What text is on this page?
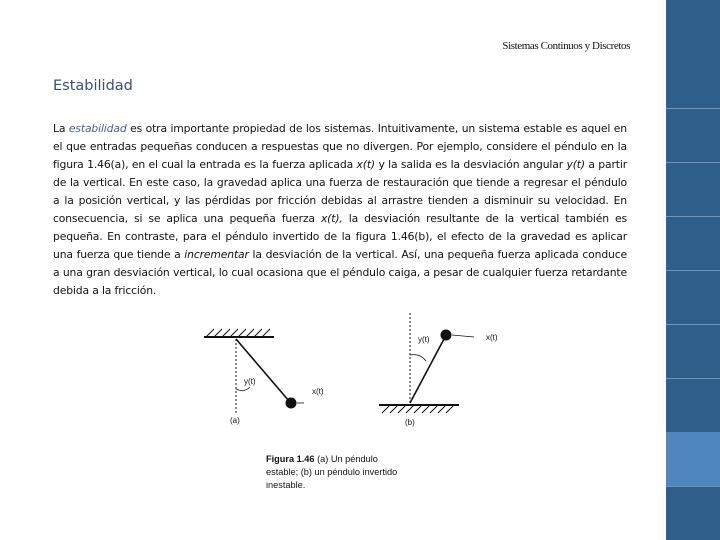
Sistemas Continuos y Discretos
Estabilidad
La estabilidad es otra importante propiedad de los sistemas. Intuitivamente, un sistema estable es aquel en el que entradas pequeñas conducen a respuestas que no divergen. Por ejemplo, considere el péndulo en la figura 1.46(a), en el cual la entrada es la fuerza aplicada x(t) y la salida es la desviación angular y(t) a partir de la vertical. En este caso, la gravedad aplica una fuerza de restauración que tiende a regresar el péndulo a la posición vertical, y las pérdidas por fricción debidas al arrastre tienden a disminuir su velocidad. En consecuencia, si se aplica una pequeña fuerza x(t), la desviación resultante de la vertical también es pequeña. En contraste, para el péndulo invertido de la figura 1.46(b), el efecto de la gravedad es aplicar una fuerza que tiende a incrementar la desviación de la vertical. Así, una pequeña fuerza aplicada conduce a una gran desviación vertical, lo cual ocasiona que el péndulo caiga, a pesar de cualquier fuerza retardante debida a la fricción.
y(t)
x(t)
(a)
y(t)	x(t)
(b)
Figura 1.46 (a) Un péndulo
estable; (b) un péndulo invertido
inestable.
